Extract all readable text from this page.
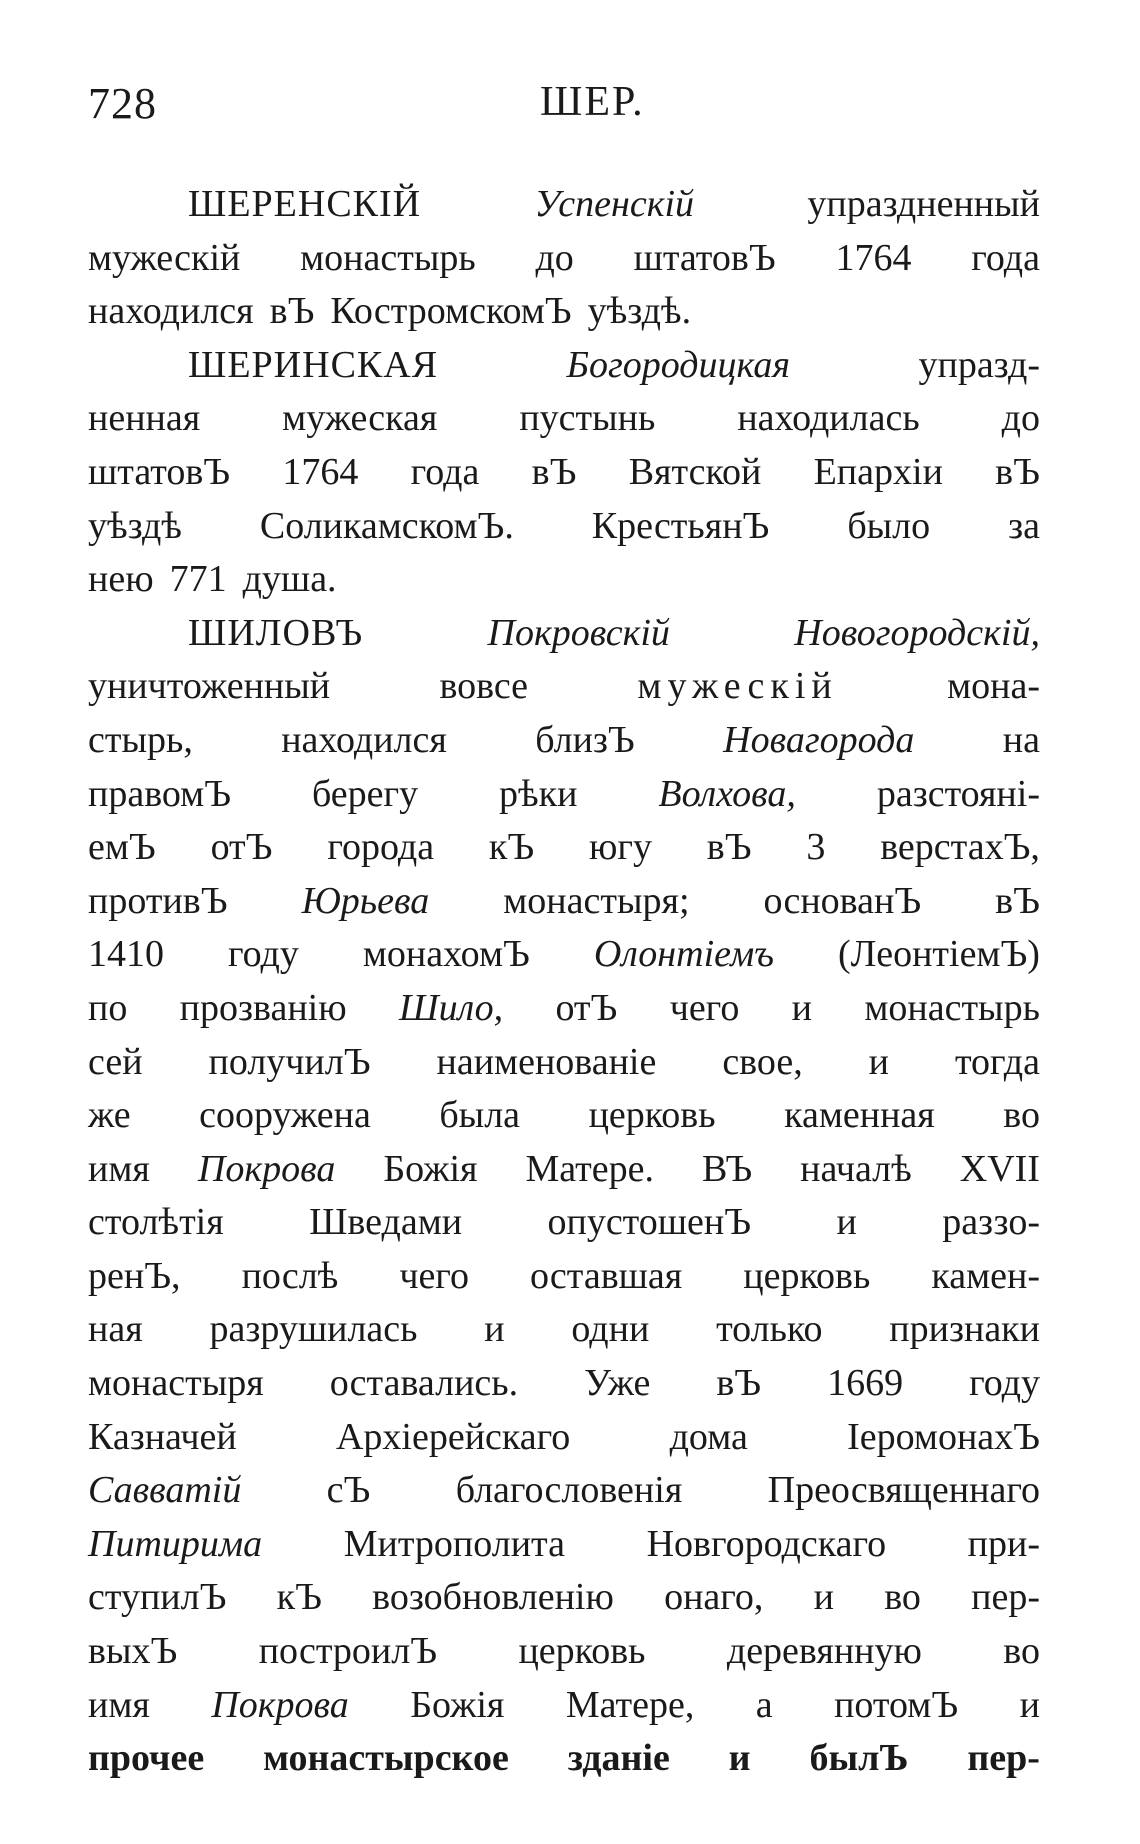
728	ШЕР.
ШЕРЕНСКІЙ	Успенскій	упраздненный
мужескій монастырь до штатовЪ 1764 года
находился вЪ КостромскомЪ уѣздѣ.
ШЕРИНСКАЯ	Богородицкая	упразд-
ненная мужеская пустынь находилась до
штатовЪ 1764 года вЪ Вятской Епархіи вЪ
уѣздѣ СоликамскомЪ. КрестьянЪ было за
нею 771 душа.
ШИЛОВЪ	Покровскій	Новогородскій,
уничтоженный	вовсе	мужескій	мона-
стырь, находился близЪ Новагорода на
правомЪ берегу рѣки Волхова, разстояні-
емЪ отЪ города кЪ югу вЪ 3 верстахЪ,
противЪ Юрьева монастыря; основанЪ вЪ
1410 году монахомЪ Олонтіемъ (ЛеонтіемЪ)
по прозванію Шило, отЪ чего и монастырь
сей получилЪ наименованіе свое, и тогда
же сооружена была церковь каменная во
имя Покрова Божія Матере. ВЪ началѣ XVII
столѣтія Шведами опустошенЪ и раззо-
ренЪ, послѣ чего оставшая церковь камен-
ная разрушилась и одни только признаки
монастыря оставались. Уже вЪ 1669 году
Казначей	Архіерейскаго	дома	ІеромонахЪ
Савватій сЪ благословенія Преосвященнаго
Питирима Митрополита Новгородскаго при-
ступилЪ кЪ возобновленію онаго, и во пер-
выхЪ построилЪ церковь деревянную во
имя Покрова Божія Матере, а потомЪ и
прочее монастырское зданіе и былЪ пер-
